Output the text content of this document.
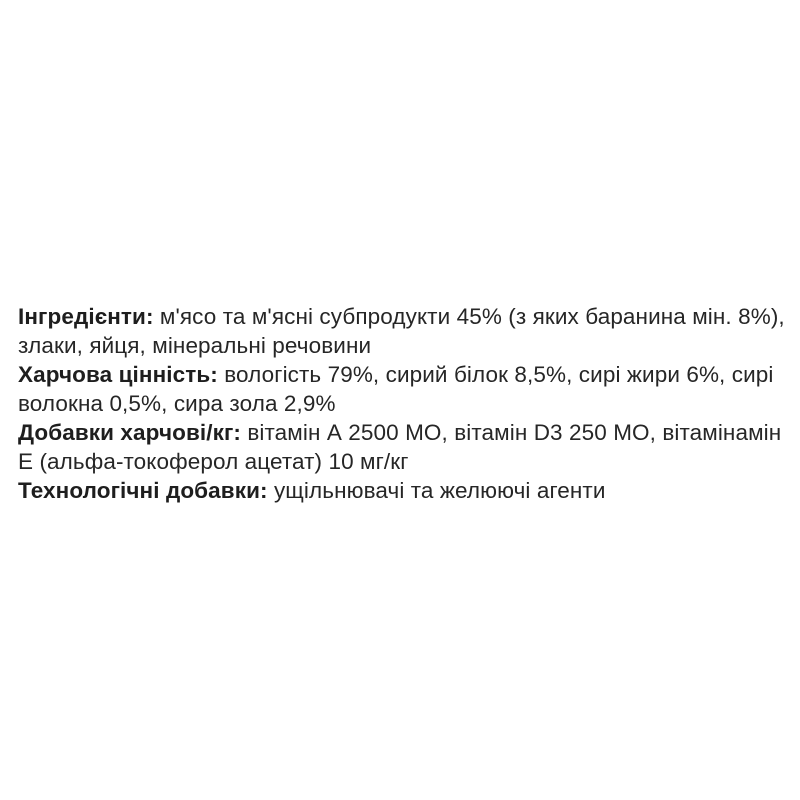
Інгредієнти: м'ясо та м'ясні субпродукти 45% (з яких баранина мін. 8%), злаки, яйця, мінеральні речовини

Харчова цінність: вологість 79%, сирий білок 8,5%, сирі жири 6%, сирі волокна 0,5%, сира зола 2,9%

Добавки харчові/кг: вітамін А 2500 МО, вітамін D3 250 МО, вітамінамін Е (альфа-токоферол ацетат) 10 мг/кг

Технологічні добавки: ущільнювачі та желюючі агенти
